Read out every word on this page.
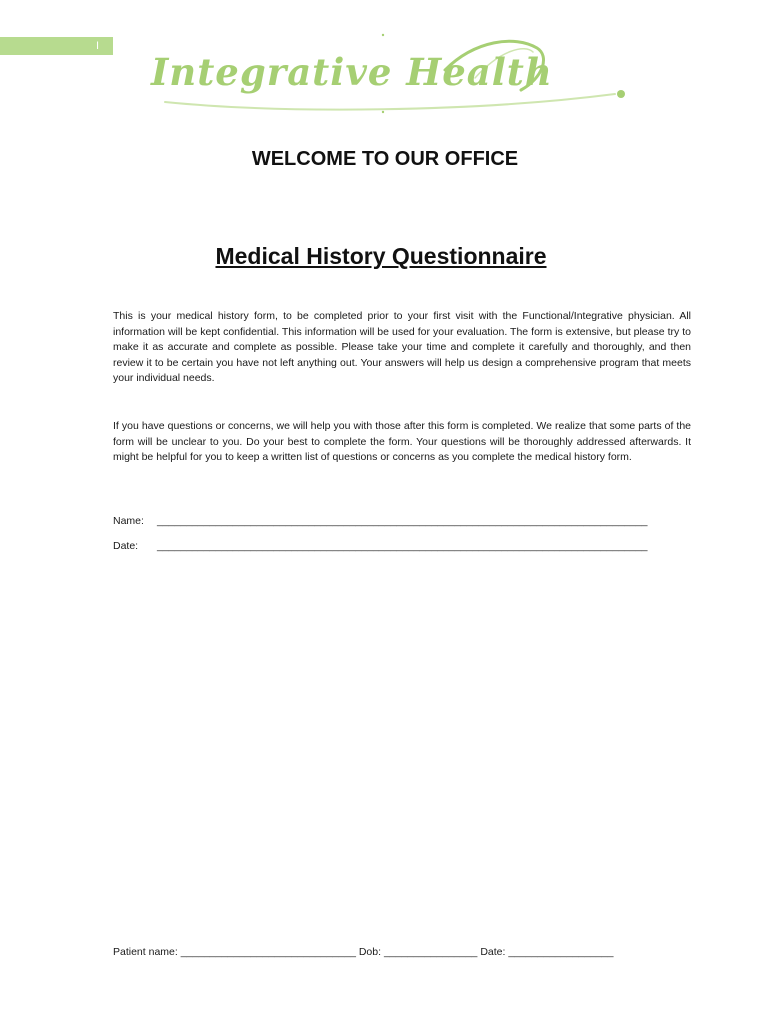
I
Integrative Health
WELCOME TO OUR OFFICE
Medical History Questionnaire

This is your medical history form, to be completed prior to your first visit with the Functional/Integrative physician. All information will be kept confidential. This information will be used for your evaluation. The form is extensive, but please try to make it as accurate and complete as possible. Please take your time and complete it carefully and thoroughly, and then review it to be certain you have not left anything out. Your answers will help us design a comprehensive program that meets your individual needs.

If you have questions or concerns, we will help you with those after this form is completed. We realize that some parts of the form will be unclear to you. Do your best to complete the form. Your questions will be thoroughly addressed afterwards. It might be helpful for you to keep a written list of questions or concerns as you complete the medical history form.

Name: ____________________________________________________________________________________
Date: ____________________________________________________________________________________
Patient name: ______________________________ Dob: ________________ Date: __________________
